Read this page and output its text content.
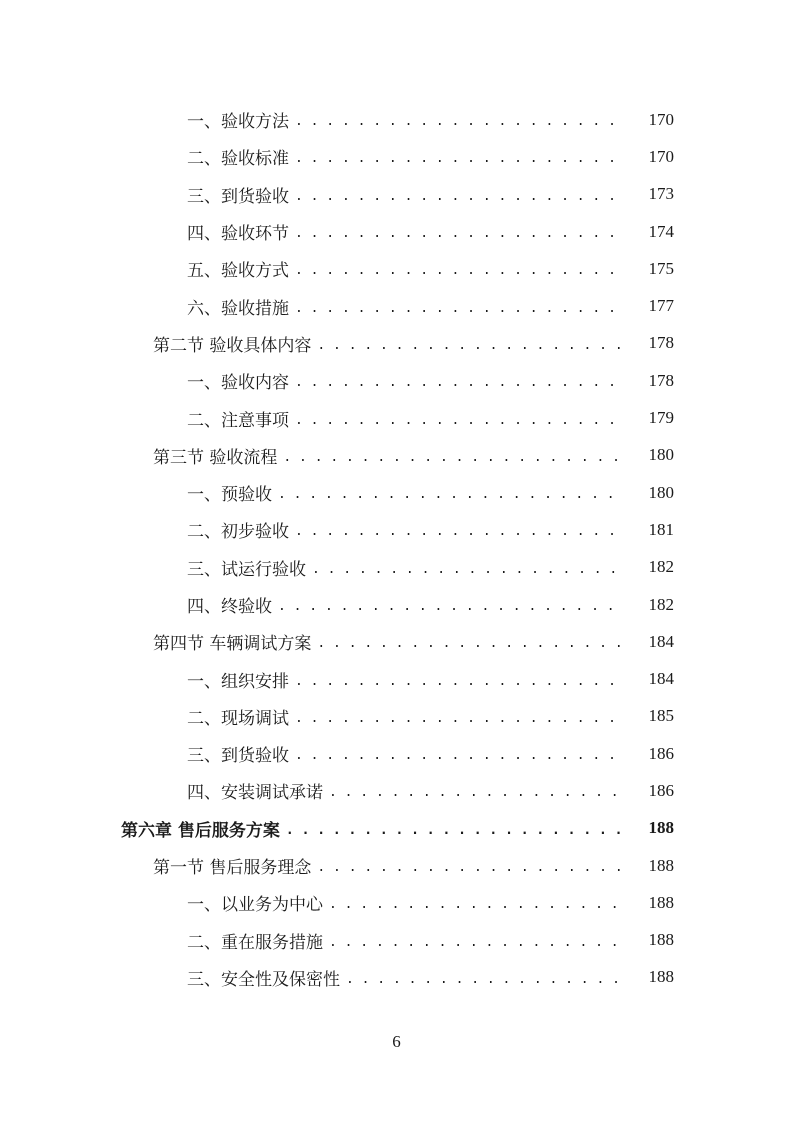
一、验收方法 . . .	170
二、验收标准 . . .	170
三、到货验收 . . .	173
四、验收环节 . . .	174
五、验收方式 . . .	175
六、验收措施 . . .	177
第二节 验收具体内容 . . .	178
一、验收内容 . . .	178
二、注意事项 . . .	179
第三节 验收流程 . . .	180
一、预验收 . . .	180
二、初步验收 . . .	181
三、试运行验收 . . .	182
四、终验收 . . .	182
第四节 车辆调试方案 . . .	184
一、组织安排 . . .	184
二、现场调试 . . .	185
三、到货验收 . . .	186
四、安装调试承诺 . . .	186
第六章 售后服务方案 . . .	188
第一节 售后服务理念 . . .	188
一、以业务为中心 . . .	188
二、重在服务措施 . . .	188
三、安全性及保密性 . . .	188
6
